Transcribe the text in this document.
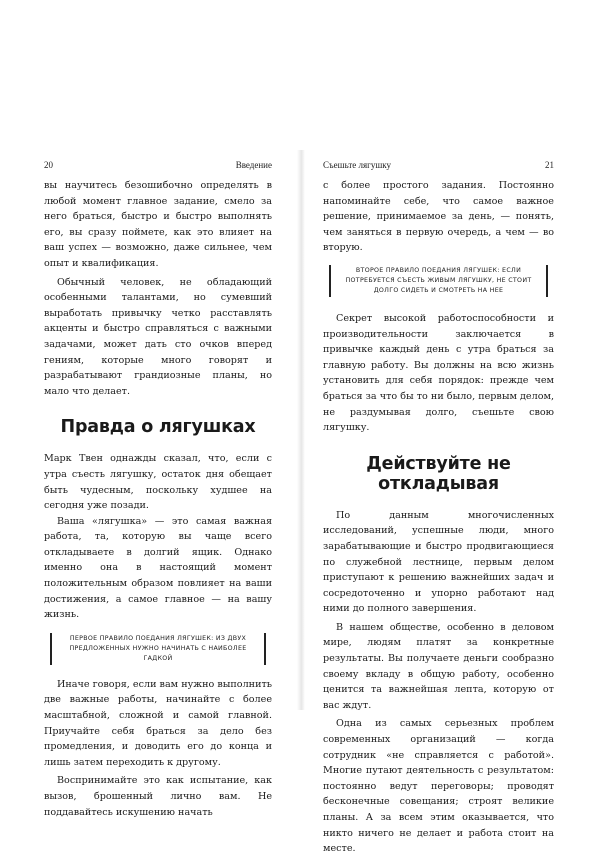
20	Введение

вы научитесь безошибочно определять в любой момент главное задание, смело за него браться, быстро и быстро выполнять его, вы сразу поймете, как это влияет на ваш успех — возможно, даже сильнее, чем опыт и квалификация.

Обычный человек, не обладающий особенными талантами, но сумевший выработать привычку четко расставлять акценты и быстро справляться с важными задачами, может дать сто очков вперед гениям, которые много говорят и разрабатывают грандиозные планы, но мало что делает.

Правда о лягушках

Марк Твен однажды сказал, что, если с утра съесть лягушку, остаток дня обещает быть чудесным, поскольку худшее на сегодня уже позади.

Ваша «лягушка» — это самая важная работа, та, которую вы чаще всего откладываете в долгий ящик. Однако именно она в настоящий момент положительным образом повлияет на ваши достижения, а самое главное — на вашу жизнь.

ПЕРВОЕ ПРАВИЛО ПОЕДАНИЯ ЛЯГУШЕК: ИЗ ДВУХ ПРЕДЛОЖЕННЫХ НУЖНО НАЧИНАТЬ С НАИБОЛЕЕ ГАДКОЙ

Иначе говоря, если вам нужно выполнить две важные работы, начинайте с более масштабной, сложной и самой главной. Приучайте себя браться за дело без промедления, и доводить его до конца и лишь затем переходить к другому.

Воспринимайте это как испытание, как вызов, брошенный лично вам. Не поддавайтесь искушению начать

Съешьте лягушку	21

с более простого задания. Постоянно напоминайте себе, что самое важное решение, принимаемое за день, — понять, чем заняться в первую очередь, а чем — во вторую.

ВТОРОЕ ПРАВИЛО ПОЕДАНИЯ ЛЯГУШЕК: ЕСЛИ ПОТРЕБУЕТСЯ СЪЕСТЬ ЖИВЫМ ЛЯГУШКУ, НЕ СТОИТ ДОЛГО СИДЕТЬ И СМОТРЕТЬ НА НЕЕ

Секрет высокой работоспособности и производительности заключается в привычке каждый день с утра браться за главную работу. Вы должны на всю жизнь установить для себя порядок: прежде чем браться за что бы то ни было, первым делом, не раздумывая долго, съешьте свою лягушку.

Действуйте не откладывая

По данным многочисленных исследований, успешные люди, много зарабатывающие и быстро продвигающиеся по служебной лестнице, первым делом приступают к решению важнейших задач и сосредоточенно и упорно работают над ними до полного завершения.

В нашем обществе, особенно в деловом мире, людям платят за конкретные результаты. Вы получаете деньги сообразно своему вкладу в общую работу, особенно ценится та важнейшая лепта, которую от вас ждут.

Одна из самых серьезных проблем современных организаций — когда сотрудник «не справляется с работой». Многие путают деятельность с результатом: постоянно ведут переговоры; проводят бесконечные совещания; строят великие планы. А за всем этим оказывается, что никто ничего не делает и работа стоит на месте.
